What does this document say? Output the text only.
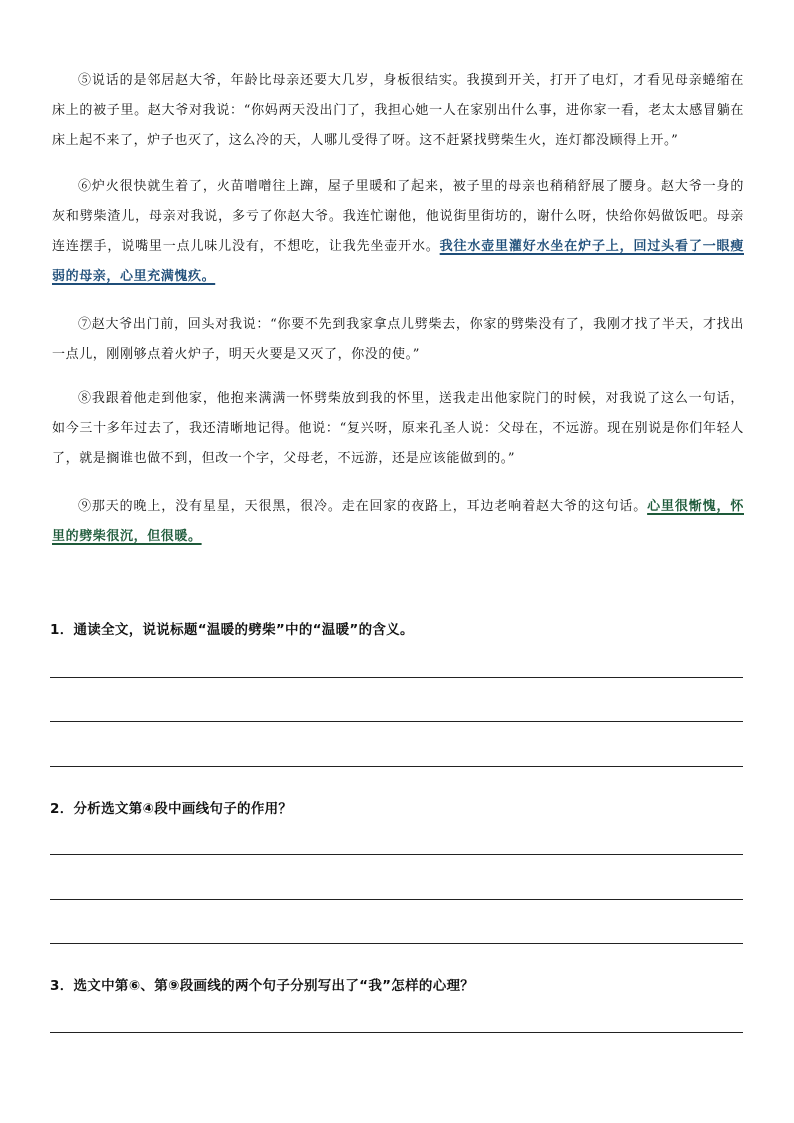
⑤说话的是邻居赵大爷，年龄比母亲还要大几岁，身板很结实。我摸到开关，打开了电灯，才看见母亲蜷缩在床上的被子里。赵大爷对我说：“你妈两天没出门了，我担心她一人在家别出什么事，进你家一看，老太太感冒躺在床上起不来了，炉子也灭了，这么冷的天，人哪儿受得了呀。这不赶紧找劈柴生火，连灯都没顾得上开。”

⑥炉火很快就生着了，火苗噌噌往上蹿，屋子里暖和了起来，被子里的母亲也稍稍舒展了腰身。赵大爷一身的灰和劈柴渣儿，母亲对我说，多亏了你赵大爷。我连忙谢他，他说街里街坊的，谢什么呀，快给你妈做饭吧。母亲连连摆手，说嘴里一点儿味儿没有，不想吃，让我先坐壶开水。我往水壶里灌好水坐在炉子上，回过头看了一眼瘦弱的母亲，心里充满愧疚。

⑦赵大爷出门前，回头对我说：“你要不先到我家拿点儿劈柴去，你家的劈柴没有了，我刚才找了半天，才找出一点儿，刚刚够点着火炉子，明天火要是又灭了，你没的使。”

⑧我跟着他走到他家，他抱来满满一怀劈柴放到我的怀里，送我走出他家院门的时候，对我说了这么一句话，如今三十多年过去了，我还清晰地记得。他说：“复兴呀，原来孔圣人说：父母在，不远游。现在别说是你们年轻人了，就是搁谁也做不到，但改一个字，父母老，不远游，还是应该能做到的。”

⑨那天的晚上，没有星星，天很黑，很冷。走在回家的夜路上，耳边老响着赵大爷的这句话。心里很惭愧，怀里的劈柴很沉，但很暖。

1．通读全文，说说标题“温暖的劈柴”中的“温暖”的含义。

2．分析选文第④段中画线句子的作用？

3．选文中第⑥、第⑨段画线的两个句子分别写出了“我”怎样的心理？
